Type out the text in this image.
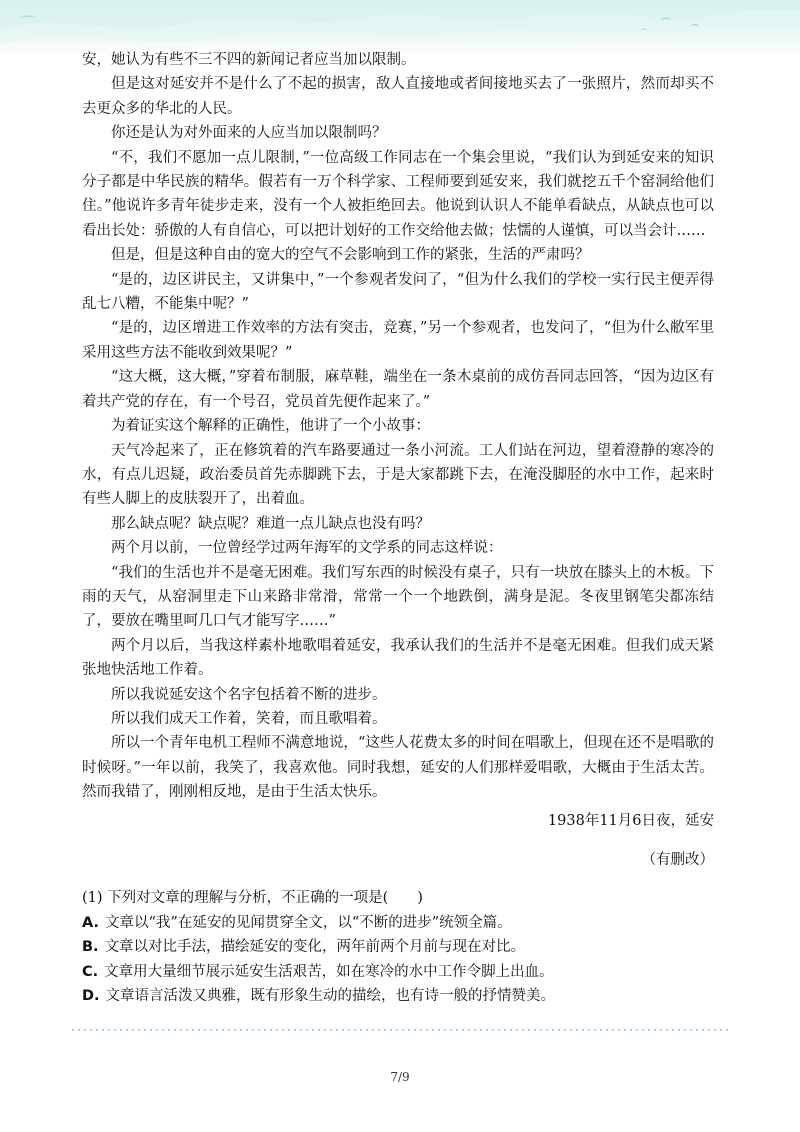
安，她认为有些不三不四的新闻记者应当加以限制。

但是这对延安并不是什么了不起的损害，敌人直接地或者间接地买去了一张照片，然而却买不去更众多的华北的人民。

你还是认为对外面来的人应当加以限制吗？

“不，我们不愿加一点儿限制，”一位高级工作同志在一个集会里说，“我们认为到延安来的知识分子都是中华民族的精华。假若有一万个科学家、工程师要到延安来，我们就挖五千个窑洞给他们住。”他说许多青年徒步走来，没有一个人被拒绝回去。他说到认识人不能单看缺点，从缺点也可以看出长处：骄傲的人有自信心，可以把计划好的工作交给他去做；怯懦的人谨慎，可以当会计……

但是，但是这种自由的宽大的空气不会影响到工作的紧张，生活的严肃吗？

“是的，边区讲民主，又讲集中，”一个参观者发问了，“但为什么我们的学校一实行民主便弄得乱七八糟，不能集中呢？”

“是的，边区增进工作效率的方法有突击，竞赛，”另一个参观者，也发问了，“但为什么敝军里采用这些方法不能收到效果呢？”

“这大概，这大概，”穿着布制服，麻草鞋，端坐在一条木桌前的成仿吾同志回答，“因为边区有着共产党的存在，有一个号召，党员首先便作起来了。”

为着证实这个解释的正确性，他讲了一个小故事：

天气冷起来了，正在修筑着的汽车路要通过一条小河流。工人们站在河边，望着澄静的寒冷的水，有点儿迟疑，政治委员首先赤脚跳下去，于是大家都跳下去，在淹没脚胫的水中工作，起来时有些人脚上的皮肤裂开了，出着血。

那么缺点呢？缺点呢？难道一点儿缺点也没有吗？

两个月以前，一位曾经学过两年海军的文学系的同志这样说：

“我们的生活也并不是毫无困难。我们写东西的时候没有桌子，只有一块放在膝头上的木板。下雨的天气，从窑洞里走下山来路非常滑，常常一个一个地跌倒，满身是泥。冬夜里钢笔尖都冻结了，要放在嘴里呵几口气才能写字……”

两个月以后，当我这样素朴地歌唱着延安，我承认我们的生活并不是毫无困难。但我们成天紧张地快活地工作着。

所以我说延安这个名字包括着不断的进步。

所以我们成天工作着，笑着，而且歌唱着。

所以一个青年电机工程师不满意地说，“这些人花费太多的时间在唱歌上，但现在还不是唱歌的时候呀。”一年以前，我笑了，我喜欢他。同时我想，延安的人们那样爱唱歌，大概由于生活太苦。然而我错了，刚刚相反地，是由于生活太快乐。

1938年11月6日夜，延安

（有删改）

(1) 下列对文章的理解与分析，不正确的一项是(　　)

A. 文章以“我”在延安的见闻贯穿全文，以“不断的进步”统领全篇。

B. 文章以对比手法，描绘延安的变化，两年前两个月前与现在对比。

C. 文章用大量细节展示延安生活艰苦，如在寒冷的水中工作令脚上出血。

D. 文章语言活泼又典雅，既有形象生动的描绘，也有诗一般的抒情赞美。

7/9
